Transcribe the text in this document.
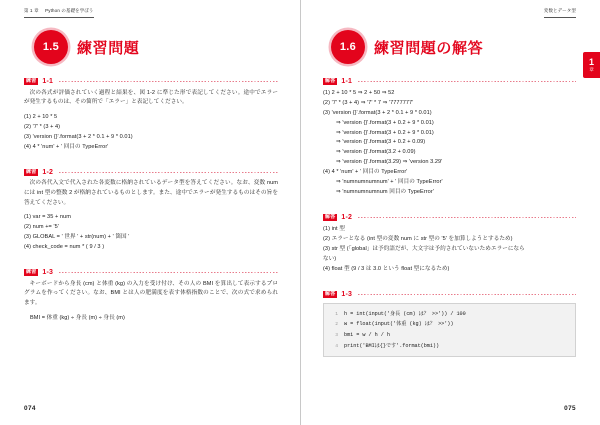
第 1 章 Python の基礎を学ぼう
1.5	練習問題
練習 1-1

次の各式が評価されていく過程と結果を、図 1-2 に準じた形で表記してください。途中でエラーが発生するものは、その箇所で「エラー」と表記してください。

(1) 2 + 10 * 5
(2) '7' * (3 + 4)
(3) 'version {}'.format(3 + 2 * 0.1 + 9 * 0.01)
(4) 4 * 'num' + ' 回目の TypeError'
練習 1-2

次の各代入文で代入された各変数に格納されているデータ型を答えてください。なお、変数 num には int 型の整数 2 が格納されているものとします。また、途中でエラーが発生するものはその旨を答えてください。

(1) var = 35 + num
(2) num += '5'
(3) GLOBAL = ' 世界 ' + str(num) + ' 箇国 '
(4) check_code = num * ( 9 / 3 )
練習 1-3

キーボードから身長 (cm) と体重 (kg) の入力を受け付け、その人の BMI を算出して表示するプログラムを作ってください。なお、BMI とは人の肥満度を表す体格指数のことで、次の式で求められます。

BMI = 体重 (kg) ÷ 身長 (m) ÷ 身長 (m)
074
変数とデータ型
1.6	練習問題の解答
1
章
解答 1-1
(1) 2 + 10 * 5 ⇒ 2 + 50 ⇒ 52
(2) '7' * (3 + 4) ⇒ '7' * 7 ⇒ '7777777'
(3) 'version {}'.format(3 + 2 * 0.1 + 9 * 0.01)
⇒ 'version {}'.format(3 + 0.2 + 9 * 0.01)
⇒ 'version {}'.format(3 + 0.2 + 9 * 0.01)
⇒ 'version {}'.format(3 + 0.2 + 0.09)
⇒ 'version {}'.format(3.2 + 0.09)
⇒ 'version {}'.format(3.29) ⇒ 'version 3.29'
(4) 4 * 'num' + ' 回目の TypeError'
⇒ 'numnumnumnum' + ' 回目の TypeError'
⇒ 'numnumnumnum 回目の TypeError'
解答 1-2
(1) int 型
(2) エラーとなる (int 型の変数 num に str 型の '5' を加算しようとするため)
(3) str 型 (「global」は予約語だが、大文字は予約されていないためエラーになら
ない)
(4) float 型 (9 / 3 は 3.0 という float 型になるため)
解答 1-3
1 h = int(input('身長 (cm) は？ >>')) / 100
2 w = float(input('体重 (kg) は？ >>'))
3 bmi = w / h / h
4 print('BMIは{}です'.format(bmi))
075
